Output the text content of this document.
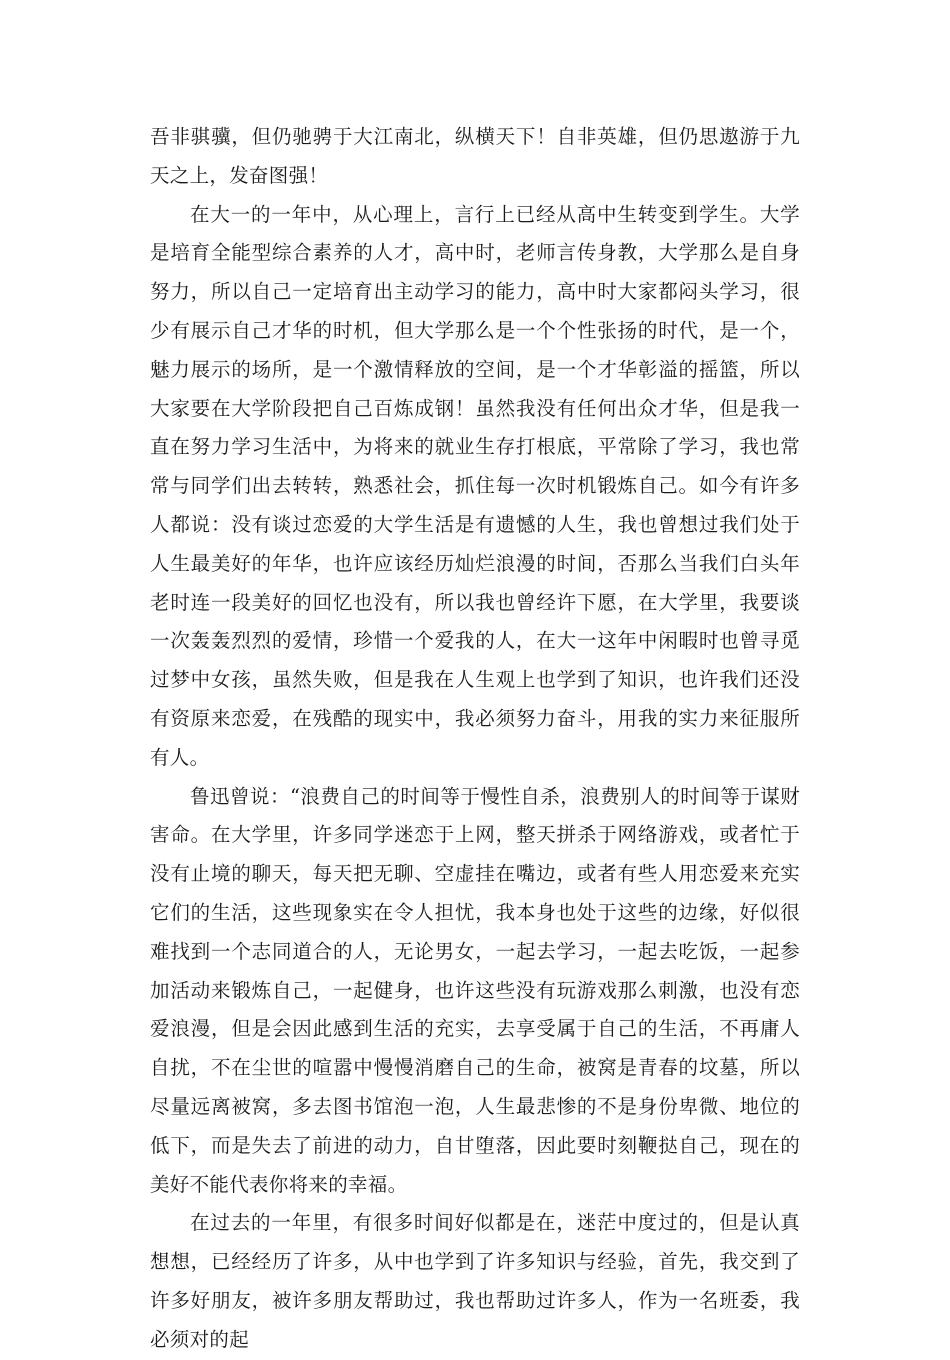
吾非骐骥，但仍驰骋于大江南北，纵横天下！自非英雄，但仍思遨游于九天之上，发奋图强！

在大一的一年中，从心理上，言行上已经从高中生转变到学生。大学是培育全能型综合素养的人才，高中时，老师言传身教，大学那么是自身努力，所以自己一定培育出主动学习的能力，高中时大家都闷头学习，很少有展示自己才华的时机，但大学那么是一个个性张扬的时代，是一个，魅力展示的场所，是一个激情释放的空间，是一个才华彰溢的摇篮，所以大家要在大学阶段把自己百炼成钢！虽然我没有任何出众才华，但是我一直在努力学习生活中，为将来的就业生存打根底，平常除了学习，我也常常与同学们出去转转，熟悉社会，抓住每一次时机锻炼自己。如今有许多人都说：没有谈过恋爱的大学生活是有遗憾的人生，我也曾想过我们处于人生最美好的年华，也许应该经历灿烂浪漫的时间，否那么当我们白头年老时连一段美好的回忆也没有，所以我也曾经许下愿，在大学里，我要谈一次轰轰烈烈的爱情，珍惜一个爱我的人，在大一这年中闲暇时也曾寻觅过梦中女孩，虽然失败，但是我在人生观上也学到了知识，也许我们还没有资原来恋爱，在残酷的现实中，我必须努力奋斗，用我的实力来征服所有人。

鲁迅曾说：“浪费自己的时间等于慢性自杀，浪费别人的时间等于谋财害命。在大学里，许多同学迷恋于上网，整天拼杀于网络游戏，或者忙于没有止境的聊天，每天把无聊、空虚挂在嘴边，或者有些人用恋爱来充实它们的生活，这些现象实在令人担忧，我本身也处于这些的边缘，好似很难找到一个志同道合的人，无论男女，一起去学习，一起去吃饭，一起参加活动来锻炼自己，一起健身，也许这些没有玩游戏那么刺激，也没有恋爱浪漫，但是会因此感到生活的充实，去享受属于自己的生活，不再庸人自扰，不在尘世的喧嚣中慢慢消磨自己的生命，被窝是青春的坟墓，所以尽量远离被窝，多去图书馆泡一泡，人生最悲惨的不是身份卑微、地位的低下，而是失去了前进的动力，自甘堕落，因此要时刻鞭挞自己，现在的美好不能代表你将来的幸福。

在过去的一年里，有很多时间好似都是在，迷茫中度过的，但是认真想想，已经经历了许多，从中也学到了许多知识与经验，首先，我交到了许多好朋友，被许多朋友帮助过，我也帮助过许多人，作为一名班委，我必须对的起
